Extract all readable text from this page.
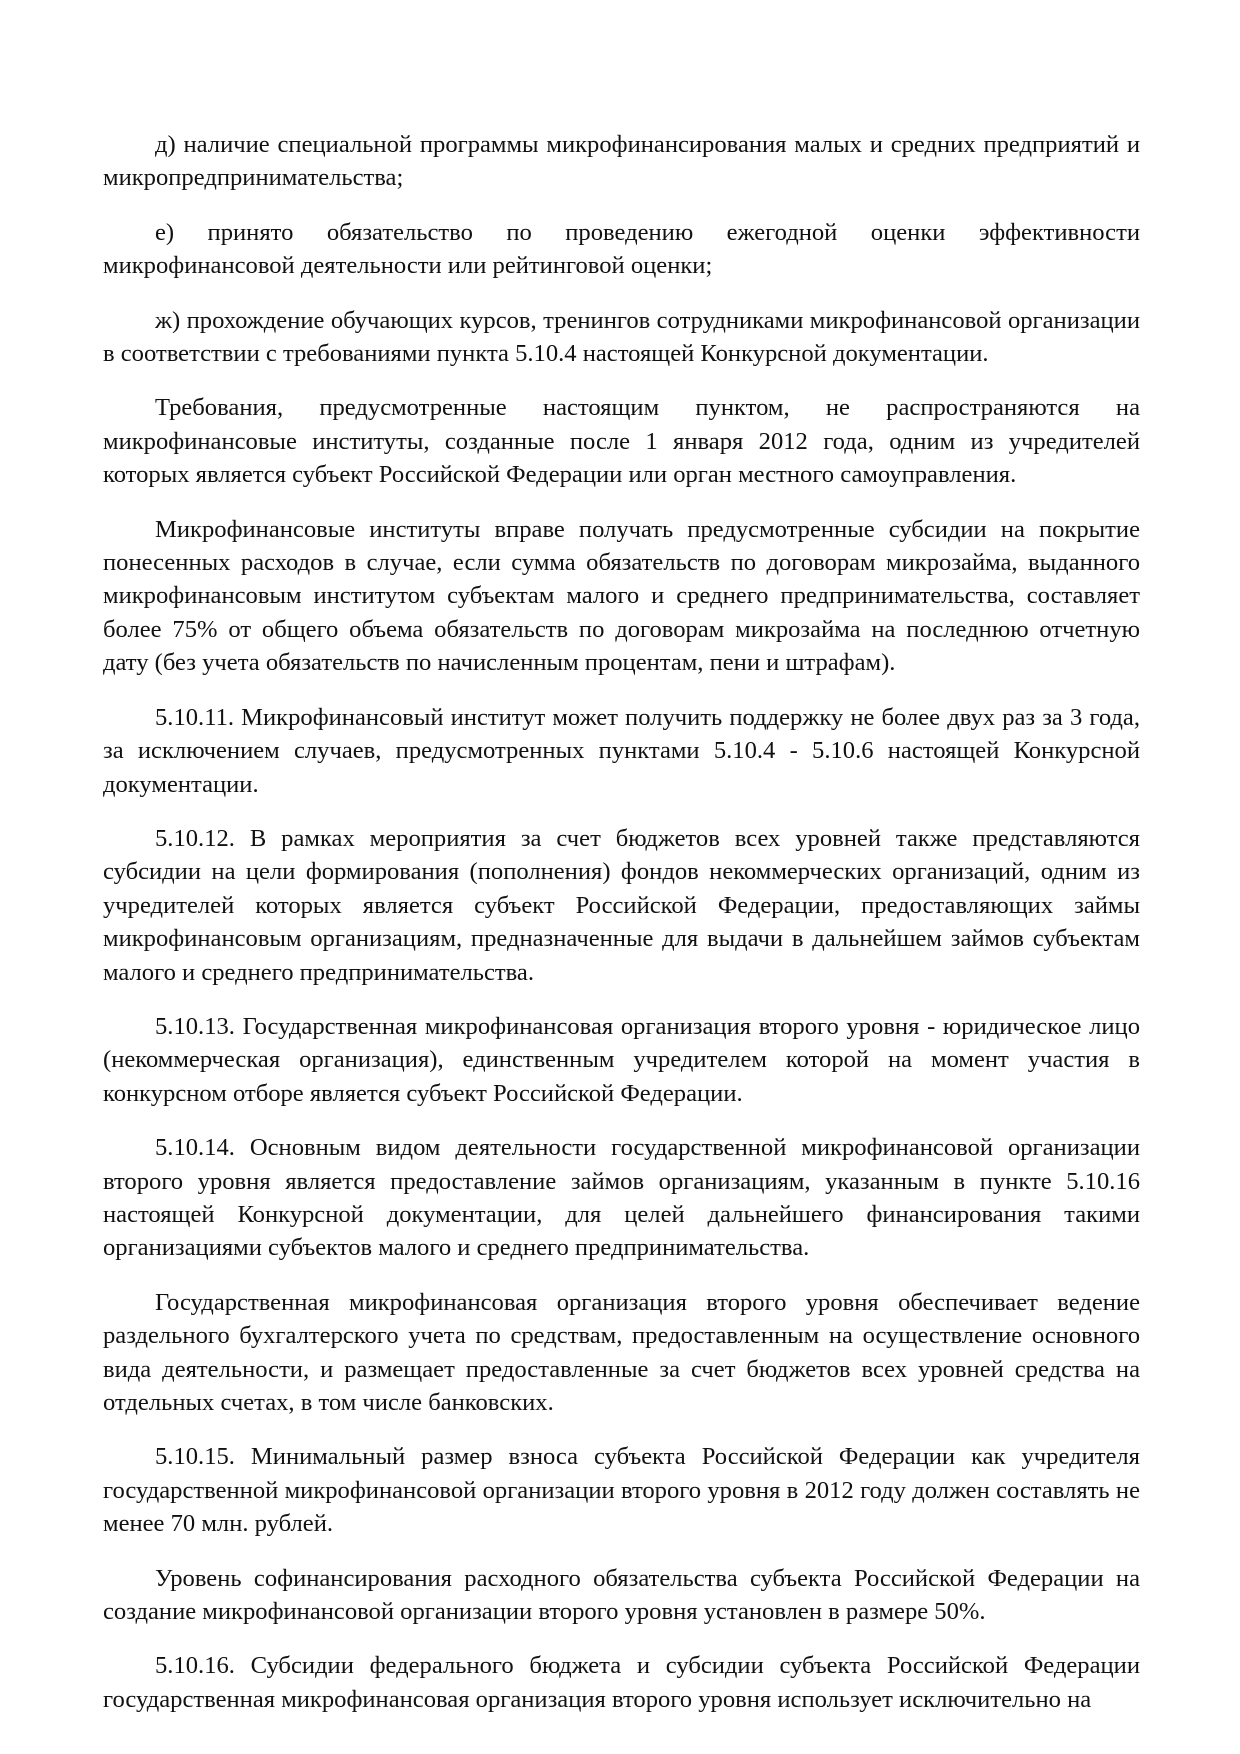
д) наличие специальной программы микрофинансирования малых и средних предприятий и микропредпринимательства;

е) принято обязательство по проведению ежегодной оценки эффективности микрофинансовой деятельности или рейтинговой оценки;

ж) прохождение обучающих курсов, тренингов сотрудниками микрофинансовой организации в соответствии с требованиями пункта 5.10.4 настоящей Конкурсной документации.

Требования, предусмотренные настоящим пунктом, не распространяются на микрофинансовые институты, созданные после 1 января 2012 года, одним из учредителей которых является субъект Российской Федерации или орган местного самоуправления.

Микрофинансовые институты вправе получать предусмотренные субсидии на покрытие понесенных расходов в случае, если сумма обязательств по договорам микрозайма, выданного микрофинансовым институтом субъектам малого и среднего предпринимательства, составляет более 75% от общего объема обязательств по договорам микрозайма на последнюю отчетную дату (без учета обязательств по начисленным процентам, пени и штрафам).

5.10.11. Микрофинансовый институт может получить поддержку не более двух раз за 3 года, за исключением случаев, предусмотренных пунктами 5.10.4 - 5.10.6 настоящей Конкурсной документации.

5.10.12. В рамках мероприятия за счет бюджетов всех уровней также представляются субсидии на цели формирования (пополнения) фондов некоммерческих организаций, одним из учредителей которых является субъект Российской Федерации, предоставляющих займы микрофинансовым организациям, предназначенные для выдачи в дальнейшем займов субъектам малого и среднего предпринимательства.

5.10.13. Государственная микрофинансовая организация второго уровня - юридическое лицо (некоммерческая организация), единственным учредителем которой на момент участия в конкурсном отборе является субъект Российской Федерации.

5.10.14. Основным видом деятельности государственной микрофинансовой организации второго уровня является предоставление займов организациям, указанным в пункте 5.10.16 настоящей Конкурсной документации, для целей дальнейшего финансирования такими организациями субъектов малого и среднего предпринимательства.

Государственная микрофинансовая организация второго уровня обеспечивает ведение раздельного бухгалтерского учета по средствам, предоставленным на осуществление основного вида деятельности, и размещает предоставленные за счет бюджетов всех уровней средства на отдельных счетах, в том числе банковских.

5.10.15. Минимальный размер взноса субъекта Российской Федерации как учредителя государственной микрофинансовой организации второго уровня в 2012 году должен составлять не менее 70 млн. рублей.

Уровень софинансирования расходного обязательства субъекта Российской Федерации на создание микрофинансовой организации второго уровня установлен в размере 50%.

5.10.16. Субсидии федерального бюджета и субсидии субъекта Российской Федерации государственная микрофинансовая организация второго уровня использует исключительно на
